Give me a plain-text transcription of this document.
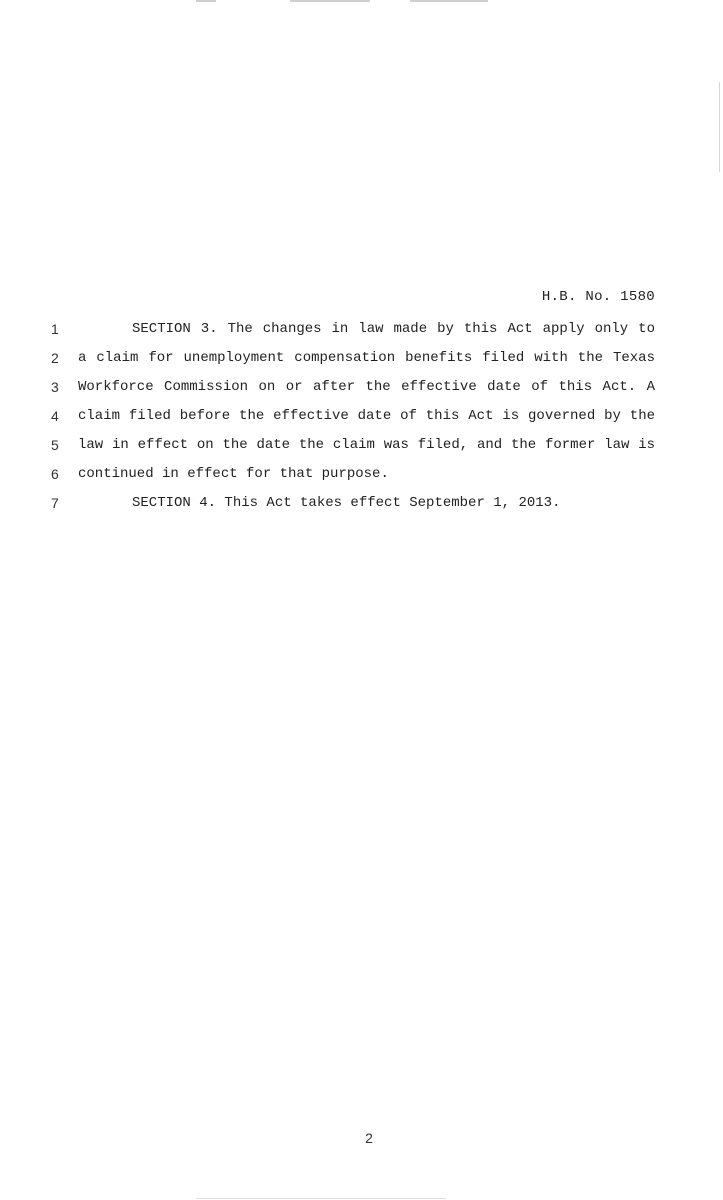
H.B. No. 1580
1	SECTION 3. The changes in law made by this Act apply only to
2	a claim for unemployment compensation benefits filed with the Texas
3	Workforce Commission on or after the effective date of this Act. A
4	claim filed before the effective date of this Act is governed by the
5	law in effect on the date the claim was filed, and the former law is
6	continued in effect for that purpose.
7	SECTION 4. This Act takes effect September 1, 2013.
2
